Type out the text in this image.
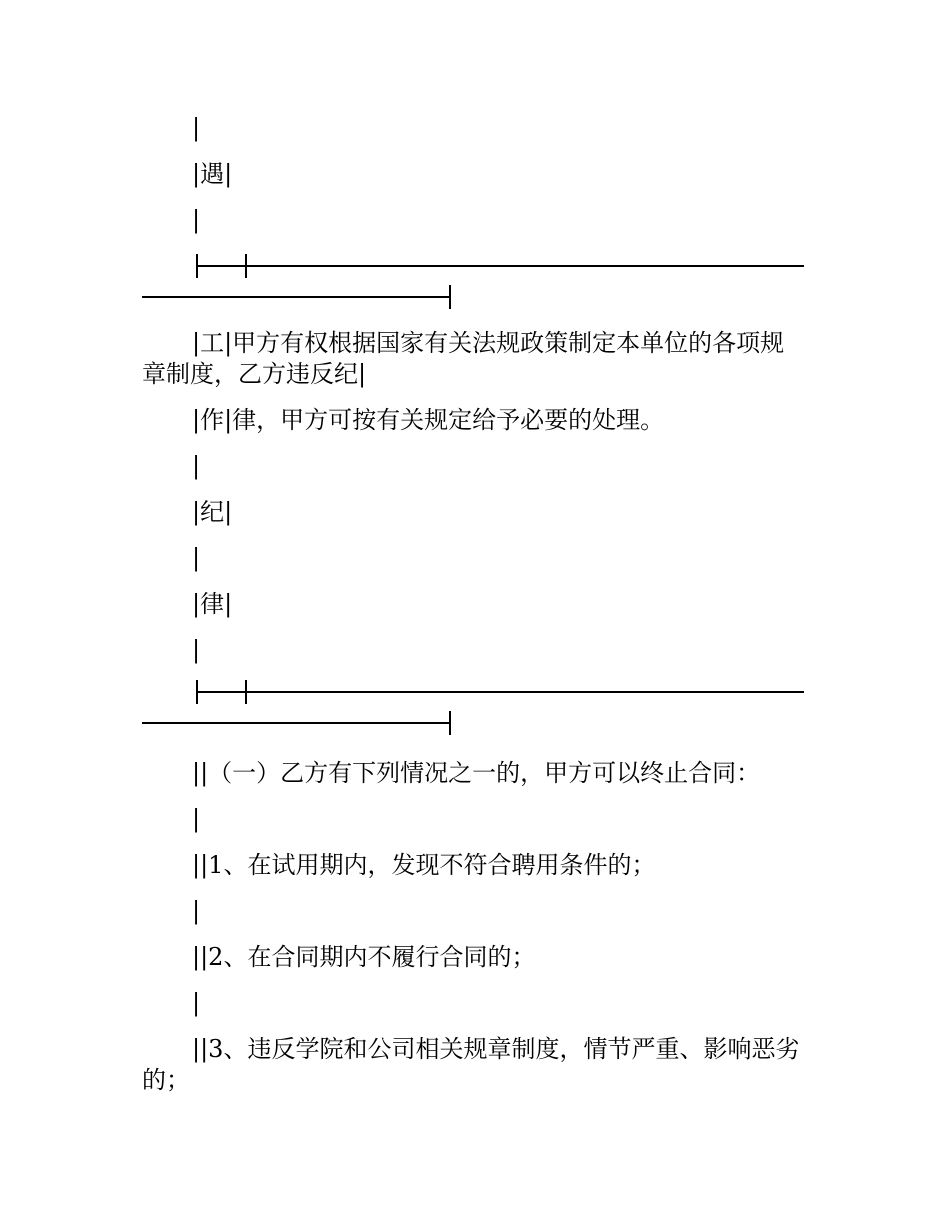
|
|遇|
|
|工|甲方有权根据国家有关法规政策制定本单位的各项规章制度，乙方违反纪|
|作|律，甲方可按有关规定给予必要的处理。
|
|纪|
|
|律|
|
||（一）乙方有下列情况之一的，甲方可以终止合同：
|
||1、在试用期内，发现不符合聘用条件的；
|
||2、在合同期内不履行合同的；
|
||3、违反学院和公司相关规章制度，情节严重、影响恶劣的；
